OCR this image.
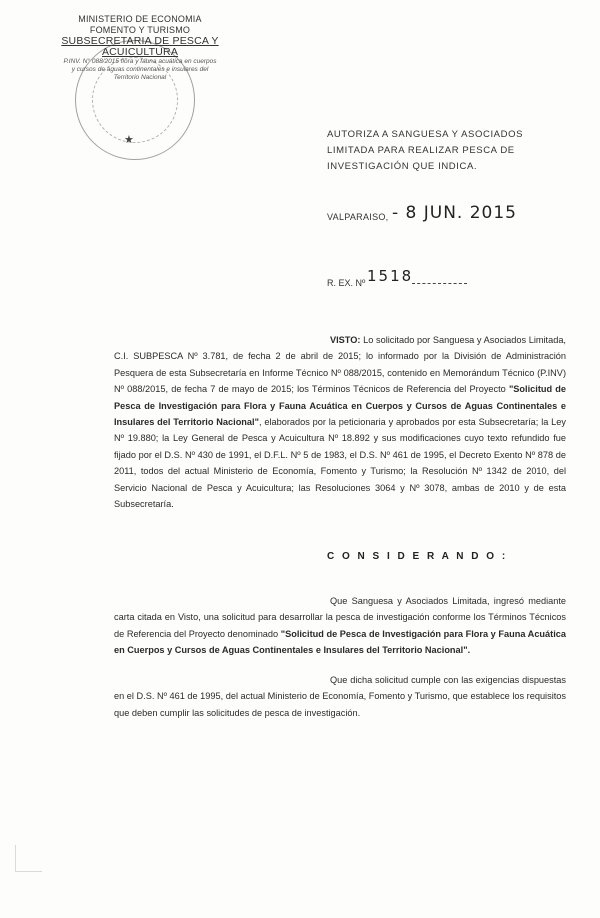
★
MINISTERIO DE ECONOMIA
FOMENTO Y TURISMO
SUBSECRETARIA DE PESCA Y ACUICULTURA
P.INV. N° 088/2015 flora y fauna acuática en cuerpos
y cursos de aguas continentales e insulares del
Territorio Nacional
AUTORIZA A SANGUESA Y ASOCIADOS LIMITADA PARA REALIZAR PESCA DE INVESTIGACIÓN QUE INDICA.
VALPARAISO, - 8 JUN. 2015
R. EX. Nº 1518

VISTO: Lo solicitado por Sanguesa y Asociados Limitada, C.I. SUBPESCA Nº 3.781, de fecha 2 de abril de 2015; lo informado por la División de Administración Pesquera de esta Subsecretaría en Informe Técnico Nº 088/2015, contenido en Memorándum Técnico (P.INV) Nº 088/2015, de fecha 7 de mayo de 2015; los Términos Técnicos de Referencia del Proyecto "Solicitud de Pesca de Investigación para Flora y Fauna Acuática en Cuerpos y Cursos de Aguas Continentales e Insulares del Territorio Nacional", elaborados por la peticionaria y aprobados por esta Subsecretaría; la Ley Nº 19.880; la Ley General de Pesca y Acuicultura Nº 18.892 y sus modificaciones cuyo texto refundido fue fijado por el D.S. Nº 430 de 1991, el D.F.L. Nº 5 de 1983, el D.S. Nº 461 de 1995, el Decreto Exento Nº 878 de 2011, todos del actual Ministerio de Economía, Fomento y Turismo; la Resolución Nº 1342 de 2010, del Servicio Nacional de Pesca y Acuicultura; las Resoluciones 3064 y Nº 3078, ambas de 2010 y de esta Subsecretaría.

C O N S I D E R A N D O :

Que Sanguesa y Asociados Limitada, ingresó mediante carta citada en Visto, una solicitud para desarrollar la pesca de investigación conforme los Términos Técnicos de Referencia del Proyecto denominado "Solicitud de Pesca de Investigación para Flora y Fauna Acuática en Cuerpos y Cursos de Aguas Continentales e Insulares del Territorio Nacional".

Que dicha solicitud cumple con las exigencias dispuestas en el D.S. Nº 461 de 1995, del actual Ministerio de Economía, Fomento y Turismo, que establece los requisitos que deben cumplir las solicitudes de pesca de investigación.
